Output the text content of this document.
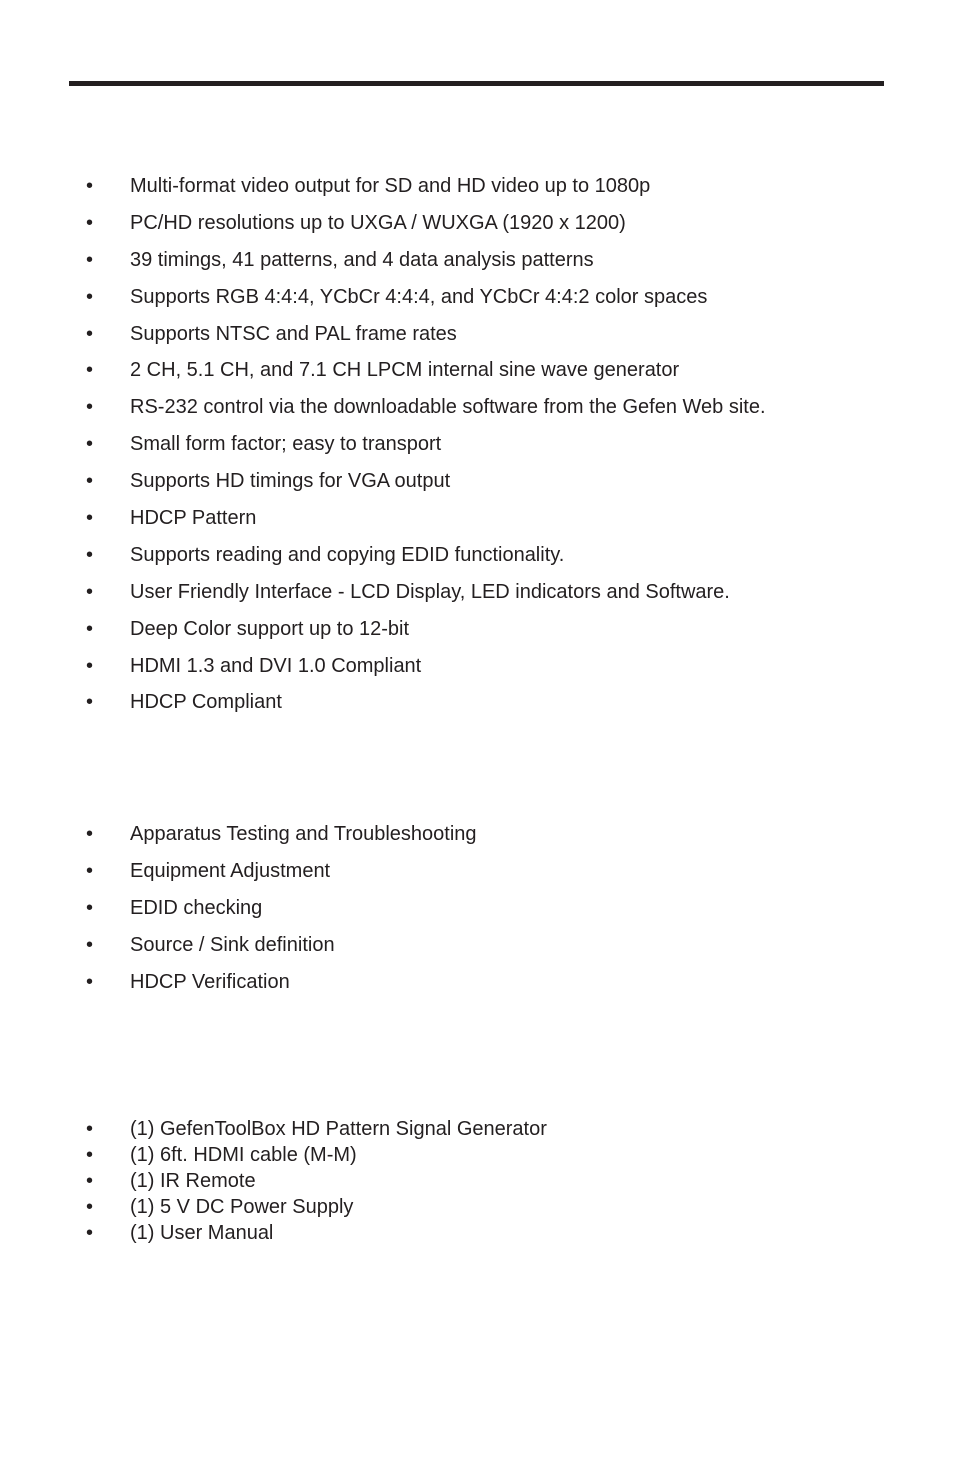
• Multi-format video output for SD and HD video up to 1080p
• PC/HD resolutions up to UXGA / WUXGA (1920 x 1200)
• 39 timings, 41 patterns, and 4 data analysis patterns
• Supports RGB 4:4:4, YCbCr 4:4:4, and YCbCr 4:4:2 color spaces
• Supports NTSC and PAL frame rates
• 2 CH, 5.1 CH, and 7.1 CH LPCM internal sine wave generator
• RS-232 control via the downloadable software from the Gefen Web site.
• Small form factor; easy to transport
• Supports HD timings for VGA output
• HDCP Pattern
• Supports reading and copying EDID functionality.
• User Friendly Interface - LCD Display, LED indicators and Software.
• Deep Color support up to 12-bit
• HDMI 1.3 and DVI 1.0 Compliant
• HDCP Compliant
• Apparatus Testing and Troubleshooting
• Equipment Adjustment
• EDID checking
• Source / Sink definition
• HDCP Verification
• (1) GefenToolBox HD Pattern Signal Generator
• (1) 6ft. HDMI cable (M-M)
• (1) IR Remote
• (1) 5 V DC Power Supply
• (1) User Manual
